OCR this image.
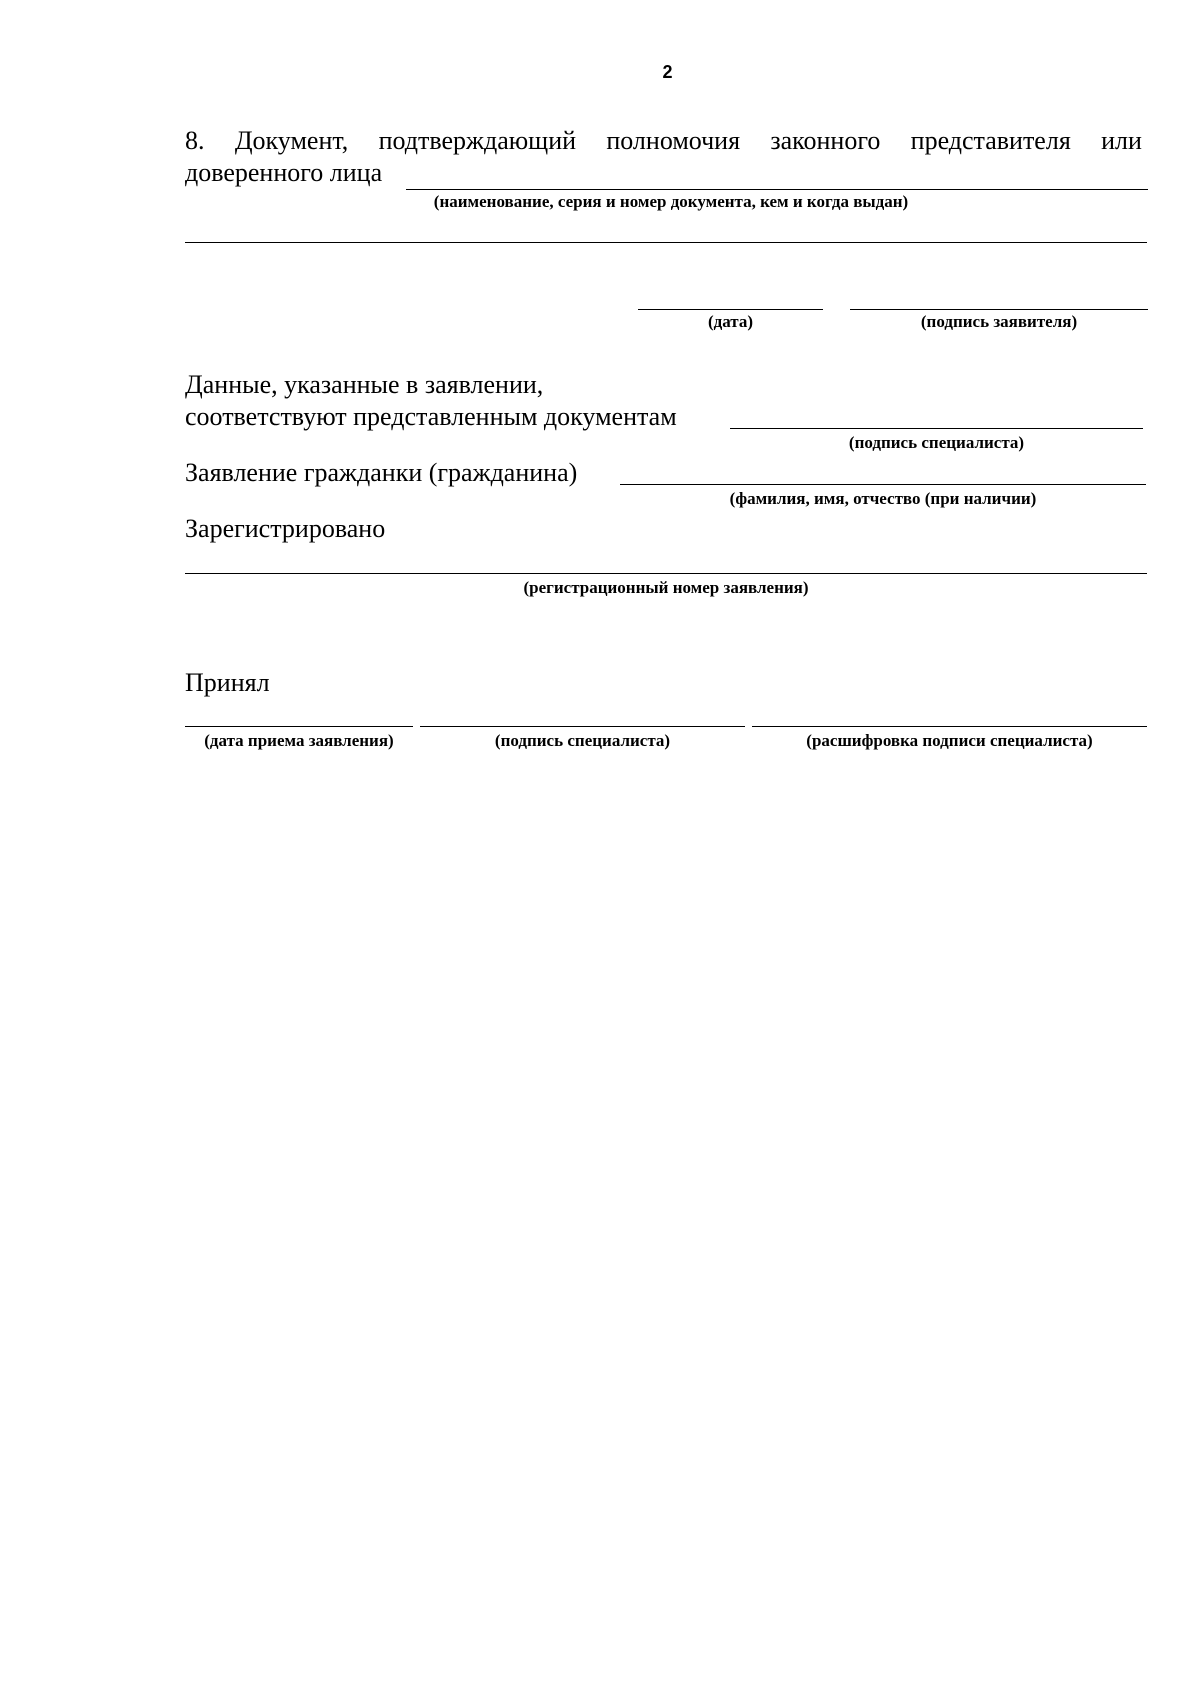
2
8. Документ, подтверждающий полномочия законного представителя или
доверенного лица
(наименование, серия и номер документа, кем и когда выдан)
(дата)	(подпись заявителя)
Данные, указанные в заявлении,
соответствуют представленным документам
(подпись специалиста)
Заявление гражданки (гражданина)
(фамилия, имя, отчество (при наличии)
Зарегистрировано
(регистрационный номер заявления)
Принял
(дата приема заявления)	(подпись специалиста)	(расшифровка подписи специалиста)
